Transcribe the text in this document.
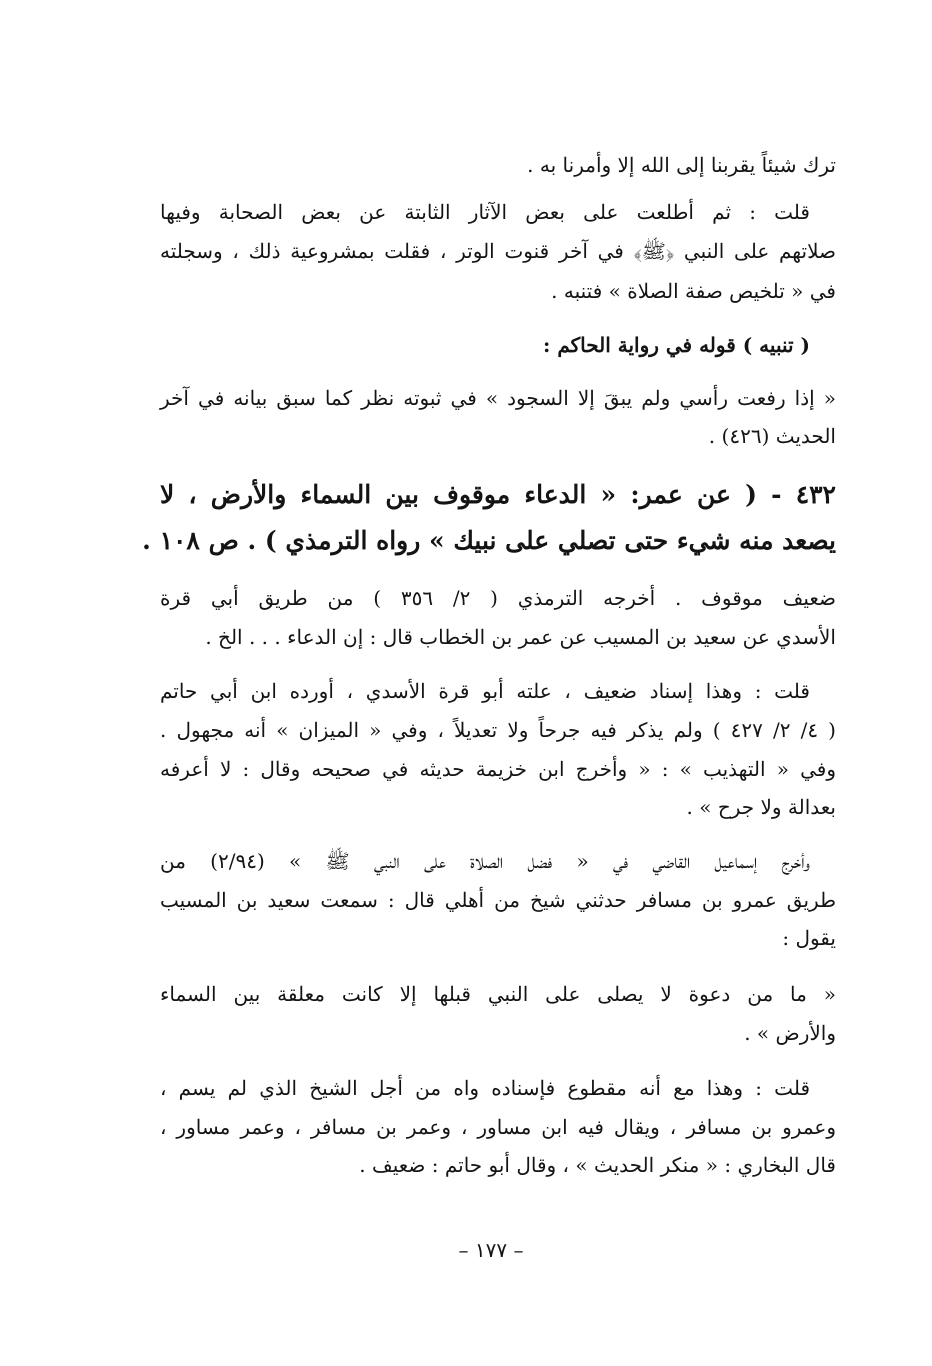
ترك شيئاً يقربنا إلى الله إلا وأمرنا به .
قلت : ثم أطلعت على بعض الآثار الثابتة عن بعض الصحابة وفيها
صلاتهم على النبي ﴿ﷺ﴾ في آخر قنوت الوتر ، فقلت بمشروعية ذلك ، وسجلته
في « تلخيص صفة الصلاة » فتنبه .
( تنبيه ) قوله في رواية الحاكم :
« إذا رفعت رأسي ولم يبقَ إلا السجود » في ثبوته نظر كما سبق بيانه في آخر
الحديث (٤٢٦) .
٤٣٢ - ( عن عمر: « الدعاء موقوف بين السماء والأرض ، لا
يصعد منه شيء حتى تصلي على نبيك » رواه الترمذي ) . ص ١٠٨ .
ضعيف موقوف . أخرجه الترمذي ( ٢/ ٣٥٦ ) من طريق أبي قرة
الأسدي عن سعيد بن المسيب عن عمر بن الخطاب قال : إن الدعاء . . . الخ .
قلت : وهذا إسناد ضعيف ، علته أبو قرة الأسدي ، أورده ابن أبي حاتم
( ٤/ ٢/ ٤٢٧ ) ولم يذكر فيه جرحاً ولا تعديلاً ، وفي « الميزان » أنه مجهول .
وفي « التهذيب » : « وأخرج ابن خزيمة حديثه في صحيحه وقال : لا أعرفه
بعدالة ولا جرح » .
وأخرج إسماعيل القاضي في « فضل الصلاة على النبي ﷺ » (٢/٩٤) من
طريق عمرو بن مسافر حدثني شيخ من أهلي قال : سمعت سعيد بن المسيب
يقول :
« ما من دعوة لا يصلى على النبي قبلها إلا كانت معلقة بين السماء
والأرض » .
قلت : وهذا مع أنه مقطوع فإسناده واه من أجل الشيخ الذي لم يسم ،
وعمرو بن مسافر ، ويقال فيه ابن مساور ، وعمر بن مسافر ، وعمر مساور ،
قال البخاري : « منكر الحديث » ، وقال أبو حاتم : ضعيف .
– ١٧٧ –
